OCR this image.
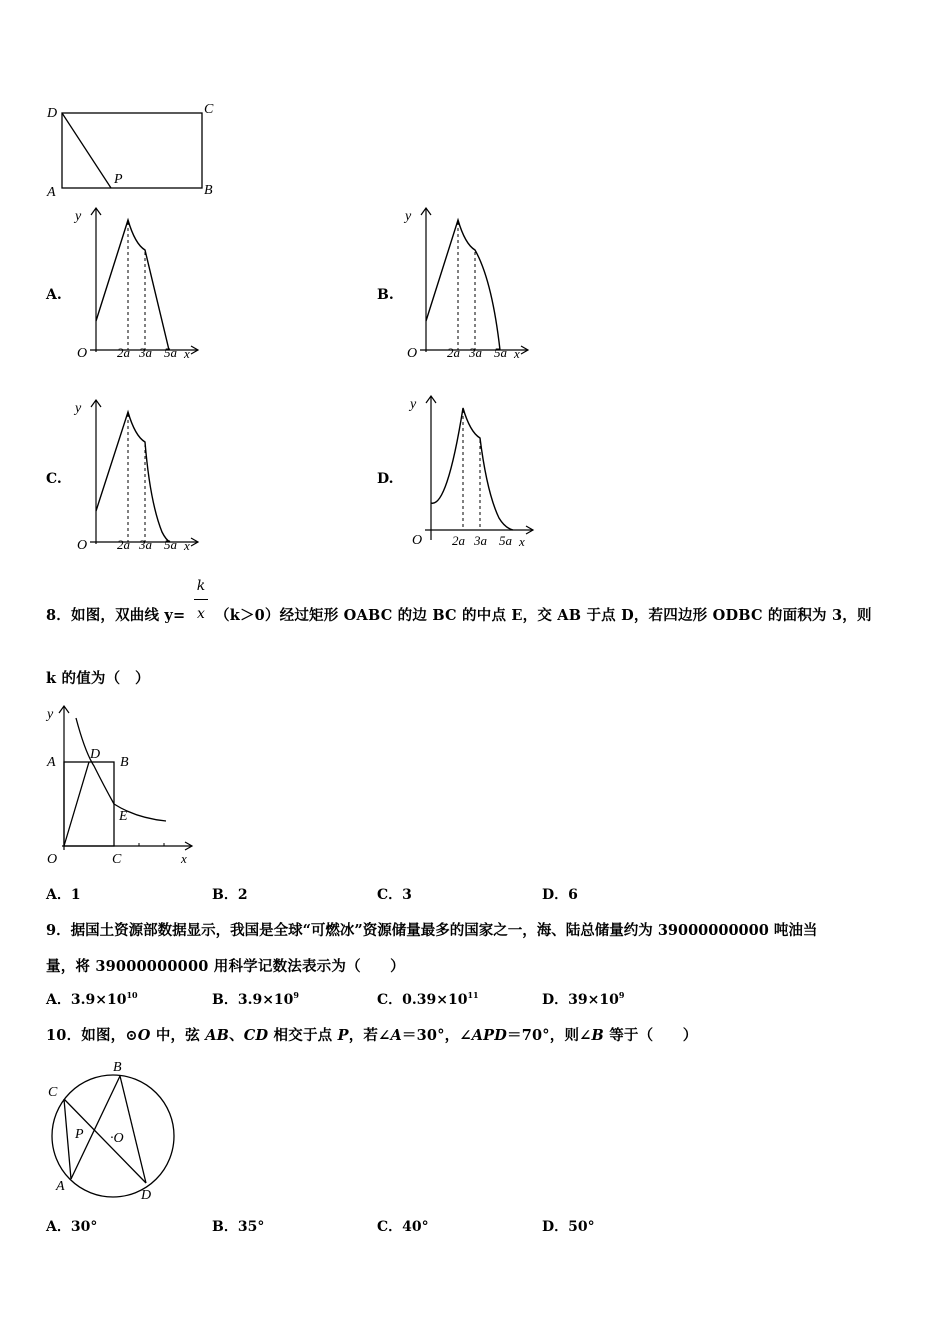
D	C
A
P
B
A.
y
O 2a 3a 5a x
B.
y
O 2a 3a 5a x
C.
y
O 2a 3a 5a x
D.
y
O 2a 3a 5a x
8．如图，双曲线 y=
k
x （k＞0）经过矩形 OABC 的边 BC 的中点 E，交 AB 于点 D，若四边形 ODBC 的面积为 3，则
k 的值为（　）
y
A
D
B
E
O	C	x
A．1	B．2	C．3	D．6
9．据国土资源部数据显示，我国是全球“可燃冰”资源储量最多的国家之一，海、陆总储量约为 39000000000 吨油当
量，将 39000000000 用科学记数法表示为（　　）
A．$3.9\times 10^{10}$	B．$3.9\times 10^9$	C．$0.39\times 10^{11}$	D．$39\times 10^9$
10．如图，⊙O 中，弦 AB、CD 相交于点 P，若∠A＝30°，∠APD＝70°，则∠B 等于（　　）
C
B
P ·O
A
D
A．30°	B．35°	C．40°	D．50°
